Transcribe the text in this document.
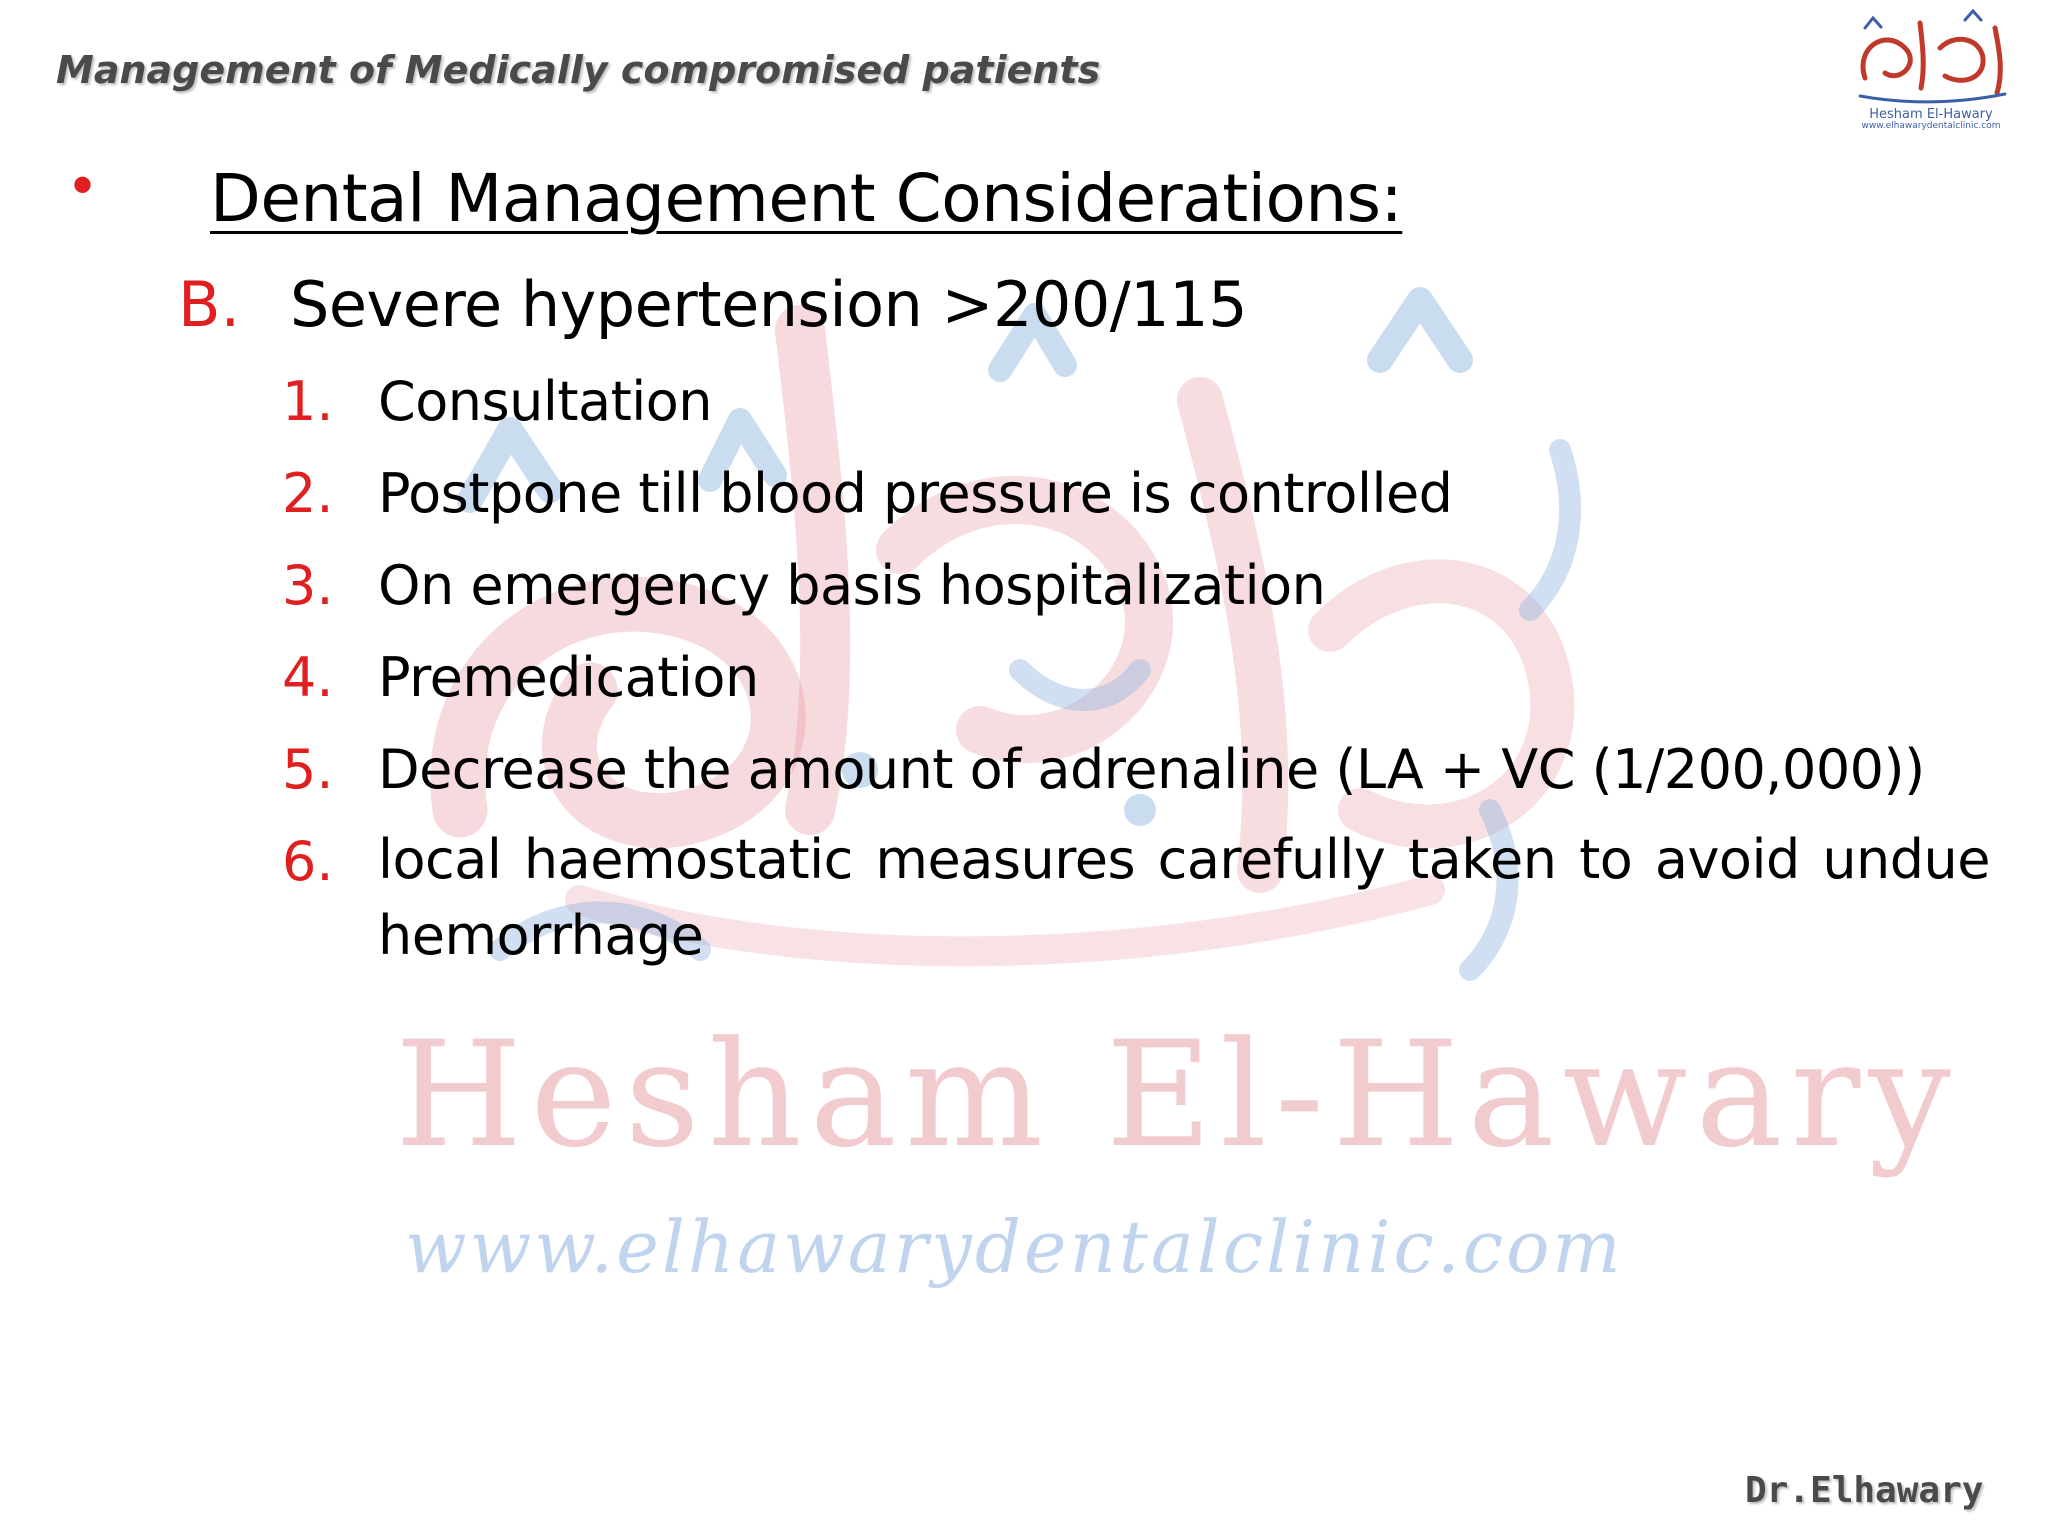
Hesham El-Hawary
www.elhawarydentalclinic.com
Management of Medically compromised patients
Hesham El-Hawary
www.elhawarydentalclinic.com
• Dental Management Considerations:
B. Severe hypertension >200/115
1. Consultation
2. Postpone till blood pressure is controlled
3. On emergency basis hospitalization
4. Premedication
5. Decrease the amount of adrenaline (LA + VC (1/200,000))
6. local haemostatic measures carefully taken to avoid undue hemorrhage
Dr.Elhawary
